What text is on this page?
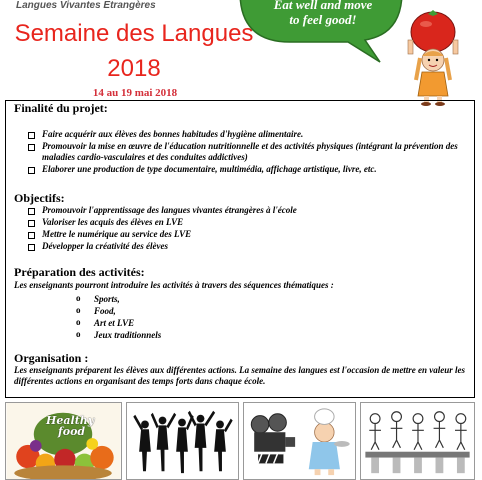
Langues Vivantes Etrangères
Semaine des Langues
2018
14 au 19 mai 2018
Eat well and move
to feel good!
Finalité du projet:
Faire acquérir aux élèves des bonnes habitudes d'hygiène alimentaire.
Promouvoir la mise en œuvre de l'éducation nutritionnelle et des activités physiques (intégrant la prévention des maladies cardio-vasculaires et des conduites addictives)
Elaborer une production de type documentaire, multimédia, affichage artistique, livre, etc.
Objectifs:
Promouvoir l'apprentissage des langues vivantes étrangères à l'école
Valoriser les acquis des élèves en LVE
Mettre le numérique au service des LVE
Développer la créativité des élèves
Préparation des activités:

Les enseignants pourront introduire les activités à travers des séquences thématiques :

o Sports,
o Food,
o Art et LVE
o Jeux traditionnels
Organisation :

Les enseignants préparent les élèves aux différentes actions. La semaine des langues est l'occasion de mettre en valeur les différentes actions en organisant des temps forts dans chaque école.

Healthy
food
